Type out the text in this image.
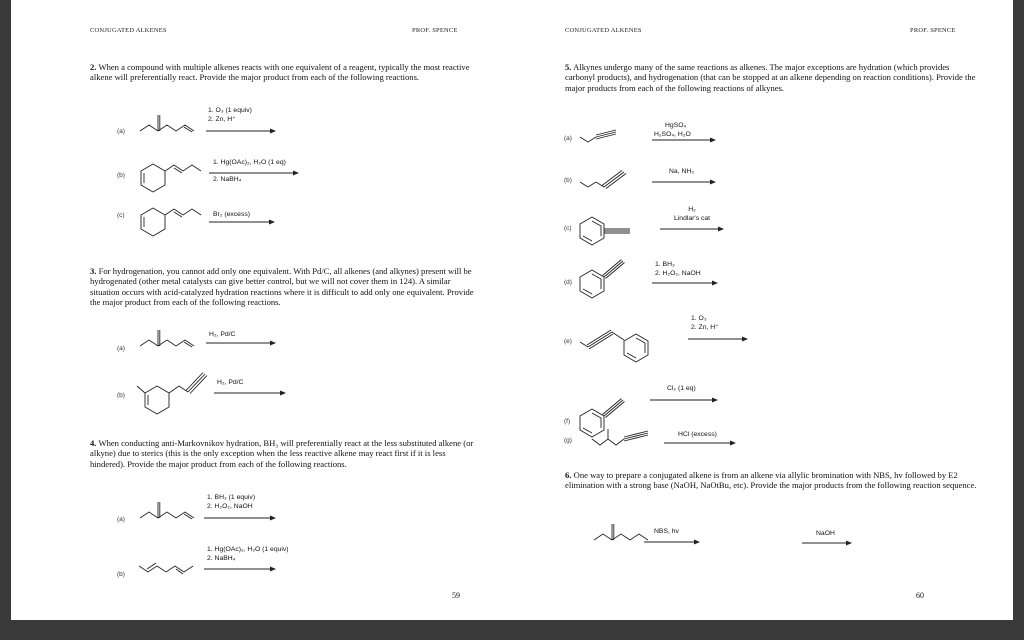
CONJUGATED ALKENES	PROF. SPENCE

2. When a compound with multiple alkenes reacts with one equivalent of a reagent, typically the most reactive alkene will preferentially react. Provide the major product from each of the following reactions.

(a)
1. O₃ (1 equiv)
2. Zn, H⁺
(b)
1. Hg(OAc)₂, H₂O (1 eq)
2. NaBH₄
(c)	Br₂ (excess)

3. For hydrogenation, you cannot add only one equivalent. With Pd/C, all alkenes (and alkynes) present will be hydrogenated (other metal catalysts can give better control, but we will not cover them in 124). A similar situation occurs with acid-catalyzed hydration reactions where it is difficult to add only one equivalent. Provide the major product from each of the following reactions.

(a)
H₂, Pd/C
(b)
H₂, Pd/C

4. When conducting anti-Markovnikov hydration, BH₃ will preferentially react at the less substituted alkene (or alkyne) due to sterics (this is the only exception when the less reactive alkene may react first if it is less hindered). Provide the major product from each of the following reactions.

(a)
1. BH₃ (1 equiv)
2. H₂O₂, NaOH
(b)
1. Hg(OAc)₂, H₂O (1 equiv)
2. NaBH₄
59
CONJUGATED ALKENES	PROF. SPENCE

5. Alkynes undergo many of the same reactions as alkenes. The major exceptions are hydration (which provides carbonyl products), and hydrogenation (that can be stopped at an alkene depending on reaction conditions). Provide the major products from each of the following reactions of alkynes.

(a)
HgSO₄
H₂SO₄, H₂O
(b)
Na, NH₃
(c)
H₂
Lindlar's cat
(d)
1. BH₃
2. H₂O₂, NaOH
(e)
1. O₃
2. Zn, H⁺
(f)
Cl₂ (1 eq)
(g)
HCl (excess)

6. One way to prepare a conjugated alkene is from an alkene via allylic bromination with NBS, hv followed by E2 elimination with a strong base (NaOH, NaOtBu, etc). Provide the major products from the following reaction sequence.

NBS, hv	NaOH
60
